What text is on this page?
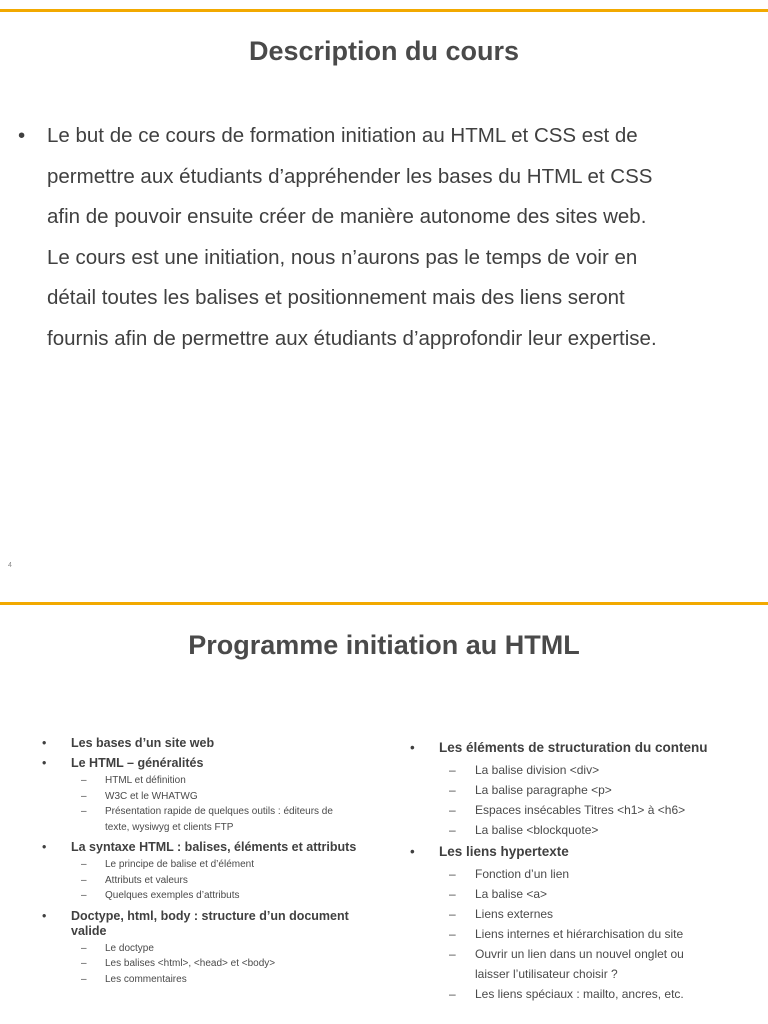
Description du cours
• Le but de ce cours de formation initiation au HTML et CSS est de
permettre aux étudiants d’appréhender les bases du HTML et CSS
afin de pouvoir ensuite créer de manière autonome des sites web.
Le cours est une initiation, nous n’aurons pas le temps de voir en
détail toutes les balises et positionnement mais des liens seront
fournis afin de permettre aux étudiants d’approfondir leur expertise.
4
Programme initiation au HTML
• Les bases d’un site web
• Le HTML – généralités
– HTML et définition
– W3C et le WHATWG
– Présentation rapide de quelques outils : éditeurs de
texte, wysiwyg et clients FTP
• La syntaxe HTML : balises, éléments et attributs
– Le principe de balise et d’élément
– Attributs et valeurs
– Quelques exemples d’attributs
• Doctype, html, body : structure d’un document
valide
– Le doctype
– Les balises <html>, <head> et <body>
– Les commentaires
• Les éléments de structuration du contenu
– La balise division <div>
– La balise paragraphe <p>
– Espaces insécables Titres <h1> à <h6>
– La balise <blockquote>
• Les liens hypertexte
– Fonction d’un lien
– La balise <a>
– Liens externes
– Liens internes et hiérarchisation du site
– Ouvrir un lien dans un nouvel onglet ou
laisser l’utilisateur choisir ?
– Les liens spéciaux : mailto, ancres, etc.
